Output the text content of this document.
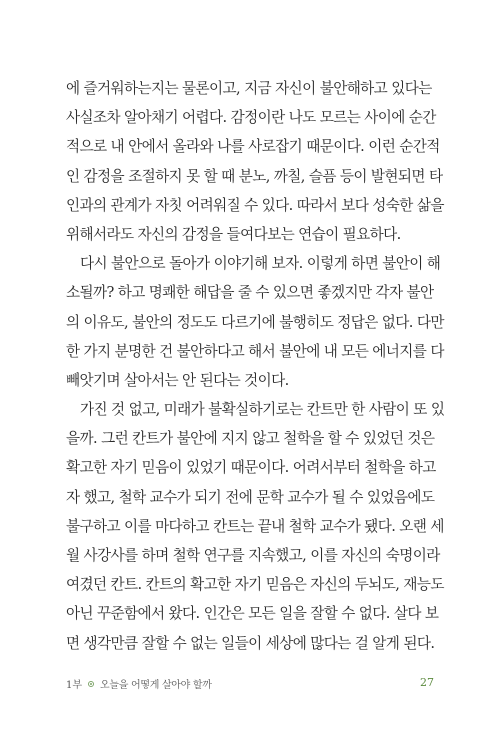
에 즐거워하는지는 물론이고, 지금 자신이 불안해하고 있다는
사실조차 알아채기 어렵다. 감정이란 나도 모르는 사이에 순간
적으로 내 안에서 올라와 나를 사로잡기 때문이다. 이런 순간적
인 감정을 조절하지 못 할 때 분노, 까칠, 슬픔 등이 발현되면 타
인과의 관계가 자칫 어려워질 수 있다. 따라서 보다 성숙한 삶을
위해서라도 자신의 감정을 들여다보는 연습이 필요하다.
다시 불안으로 돌아가 이야기해 보자. 이렇게 하면 불안이 해
소될까? 하고 명쾌한 해답을 줄 수 있으면 좋겠지만 각자 불안
의 이유도, 불안의 정도도 다르기에 불행히도 정답은 없다. 다만
한 가지 분명한 건 불안하다고 해서 불안에 내 모든 에너지를 다
빼앗기며 살아서는 안 된다는 것이다.
가진 것 없고, 미래가 불확실하기로는 칸트만 한 사람이 또 있
을까. 그런 칸트가 불안에 지지 않고 철학을 할 수 있었던 것은
확고한 자기 믿음이 있었기 때문이다. 어려서부터 철학을 하고
자 했고, 철학 교수가 되기 전에 문학 교수가 될 수 있었음에도
불구하고 이를 마다하고 칸트는 끝내 철학 교수가 됐다. 오랜 세
월 사강사를 하며 철학 연구를 지속했고, 이를 자신의 숙명이라
여겼던 칸트. 칸트의 확고한 자기 믿음은 자신의 두뇌도, 재능도
아닌 꾸준함에서 왔다. 인간은 모든 일을 잘할 수 없다. 살다 보
면 생각만큼 잘할 수 없는 일들이 세상에 많다는 걸 알게 된다.
1부 오늘을 어떻게 살아야 할까	27
